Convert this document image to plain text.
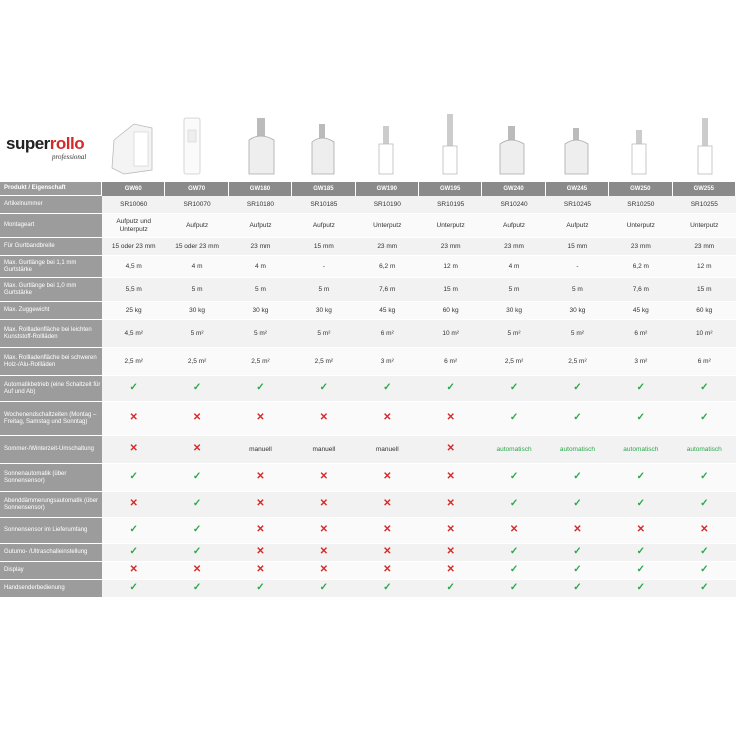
superrollo
professional
Produkt / Eigenschaft	GW60	GW70	GW180	GW185	GW190	GW195	GW240	GW245	GW250	GW255
Artikelnummer	SR10060	SR10070	SR10180	SR10185	SR10190	SR10195	SR10240	SR10245	SR10250	SR10255
Montageart	Aufputz und Unterputz	Aufputz	Aufputz	Aufputz	Unterputz	Unterputz	Aufputz	Aufputz	Unterputz	Unterputz
Für Gurtbandbreite	15 oder 23 mm	15 oder 23 mm	23 mm	15 mm	23 mm	23 mm	23 mm	15 mm	23 mm	23 mm
Max. Gurtlänge bei 1,1 mm Gurtstärke	4,5 m	4 m	4 m	-	6,2 m	12 m	4 m	-	6,2 m	12 m
Max. Gurtlänge bei 1,0 mm Gurtstärke	5,5 m	5 m	5 m	5 m	7,6 m	15 m	5 m	5 m	7,6 m	15 m
Max. Zuggewicht	25 kg	30 kg	30 kg	30 kg	45 kg	60 kg	30 kg	30 kg	45 kg	60 kg
Max. Rollladenfläche bei leichten Kunststoff-Rollläden	4,5 m²	5 m²	5 m²	5 m²	6 m²	10 m²	5 m²	5 m²	6 m²	10 m²
Max. Rollladenfläche bei schweren Holz-/Alu-Rollläden	2,5 m²	2,5 m²	2,5 m²	2,5 m²	3 m²	6 m²	2,5 m²	2,5 m²	3 m²	6 m²
Automatikbetrieb (eine Schaltzeit für Auf und Ab)	✓	✓	✓	✓	✓	✓	✓	✓	✓	✓
Wochenendschaltzeiten (Montag – Freitag, Samstag und Sonntag)	✕	✕	✕	✕	✕	✕	✓	✓	✓	✓
Sommer-/Winterzeit-Umschaltung	✕	✕	manuell	manuell	manuell	✕	automatisch	automatisch	automatisch	automatisch
Sonnenautomatik (über Sonnensensor)	✓	✓	✕	✕	✕	✕	✓	✓	✓	✓
Abenddämmerungsautomatik (über Sonnensensor)	✕	✓	✕	✕	✕	✕	✓	✓	✓	✓
Sonnensensor im Lieferumfang	✓	✓	✕	✕	✕	✕	✕	✕	✕	✕
Gutumo- /Ultraschalleinstellung	✓	✓	✕	✕	✕	✕	✓	✓	✓	✓
Display	✕	✕	✕	✕	✕	✕	✓	✓	✓	✓
Handsenderbedienung	✓	✓	✓	✓	✓	✓	✓	✓	✓	✓
